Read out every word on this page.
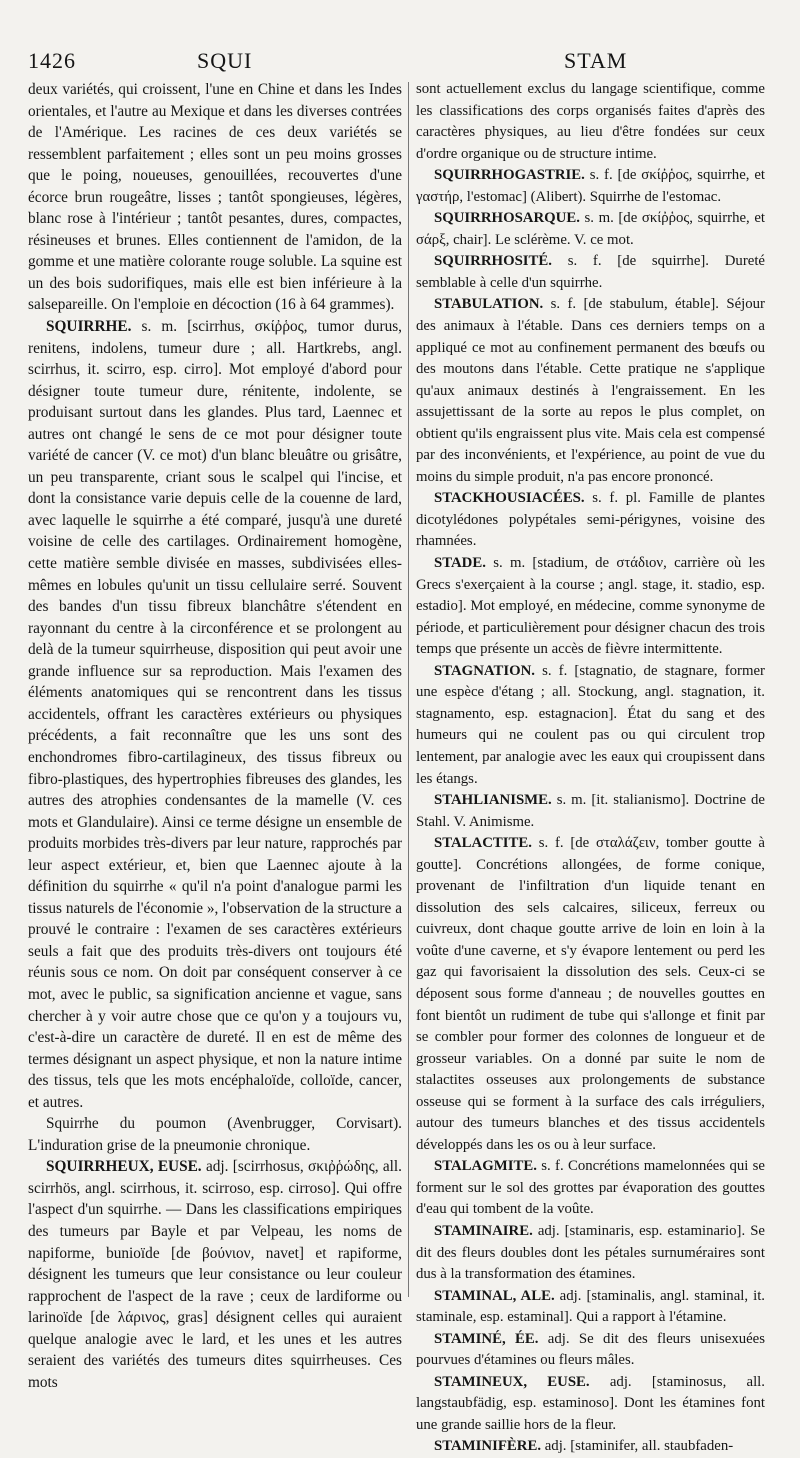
1426	SQUI	STAM

deux variétés, qui croissent, l'une en Chine et dans les Indes orientales, et l'autre au Mexique et dans les diverses contrées de l'Amérique. Les racines de ces deux variétés se ressemblent parfaitement ; elles sont un peu moins grosses que le poing, noueuses, genouillées, recouvertes d'une écorce brun rougeâtre, lisses ; tantôt spongieuses, légères, blanc rose à l'intérieur ; tantôt pesantes, dures, compactes, résineuses et brunes. Elles contiennent de l'amidon, de la gomme et une matière colorante rouge soluble. La squine est un des bois sudorifiques, mais elle est bien inférieure à la salsepareille. On l'emploie en décoction (16 à 64 grammes).

SQUIRRHE. s. m. [scirrhus, σκίῤῥος, tumor durus, renitens, indolens, tumeur dure ; all. Hartkrebs, angl. scirrhus, it. scirro, esp. cirro]. Mot employé d'abord pour désigner toute tumeur dure, rénitente, indolente, se produisant surtout dans les glandes. Plus tard, Laennec et autres ont changé le sens de ce mot pour désigner toute variété de cancer (V. ce mot) d'un blanc bleuâtre ou grisâtre, un peu transparente, criant sous le scalpel qui l'incise, et dont la consistance varie depuis celle de la couenne de lard, avec laquelle le squirrhe a été comparé, jusqu'à une dureté voisine de celle des cartilages. Ordinairement homogène, cette matière semble divisée en masses, subdivisées elles-mêmes en lobules qu'unit un tissu cellulaire serré. Souvent des bandes d'un tissu fibreux blanchâtre s'étendent en rayonnant du centre à la circonférence et se prolongent au delà de la tumeur squirrheuse, disposition qui peut avoir une grande influence sur sa reproduction. Mais l'examen des éléments anatomiques qui se rencontrent dans les tissus accidentels, offrant les caractères extérieurs ou physiques précédents, a fait reconnaître que les uns sont des enchondromes fibro-cartilagineux, des tissus fibreux ou fibro-plastiques, des hypertrophies fibreuses des glandes, les autres des atrophies condensantes de la mamelle (V. ces mots et Glandulaire). Ainsi ce terme désigne un ensemble de produits morbides très-divers par leur nature, rapprochés par leur aspect extérieur, et, bien que Laennec ajoute à la définition du squirrhe « qu'il n'a point d'analogue parmi les tissus naturels de l'économie », l'observation de la structure a prouvé le contraire : l'examen de ses caractères extérieurs seuls a fait que des produits très-divers ont toujours été réunis sous ce nom. On doit par conséquent conserver à ce mot, avec le public, sa signification ancienne et vague, sans chercher à y voir autre chose que ce qu'on y a toujours vu, c'est-à-dire un caractère de dureté. Il en est de même des termes désignant un aspect physique, et non la nature intime des tissus, tels que les mots encéphaloïde, colloïde, cancer, et autres.

Squirrhe du poumon (Avenbrugger, Corvisart). L'induration grise de la pneumonie chronique.

SQUIRRHEUX, EUSE. adj. [scirrhosus, σκιῤῥώδης, all. scirrhös, angl. scirrhous, it. scirroso, esp. cirroso]. Qui offre l'aspect d'un squirrhe. — Dans les classifications empiriques des tumeurs par Bayle et par Velpeau, les noms de napiforme, bunioïde [de βούνιον, navet] et rapiforme, désignent les tumeurs que leur consistance ou leur couleur rapprochent de l'aspect de la rave ; ceux de lardiforme ou larinoïde [de λάρινος, gras] désignent celles qui auraient quelque analogie avec le lard, et les unes et les autres seraient des variétés des tumeurs dites squirrheuses. Ces mots

sont actuellement exclus du langage scientifique, comme les classifications des corps organisés faites d'après des caractères physiques, au lieu d'être fondées sur ceux d'ordre organique ou de structure intime.

SQUIRRHOGASTRIE. s. f. [de σκίῤῥος, squirrhe, et γαστήρ, l'estomac] (Alibert). Squirrhe de l'estomac.

SQUIRRHOSARQUE. s. m. [de σκίῤῥος, squirrhe, et σάρξ, chair]. Le sclérème. V. ce mot.

SQUIRRHOSITÉ. s. f. [de squirrhe]. Dureté semblable à celle d'un squirrhe.

STABULATION. s. f. [de stabulum, étable]. Séjour des animaux à l'étable. Dans ces derniers temps on a appliqué ce mot au confinement permanent des bœufs ou des moutons dans l'étable. Cette pratique ne s'applique qu'aux animaux destinés à l'engraissement. En les assujettissant de la sorte au repos le plus complet, on obtient qu'ils engraissent plus vite. Mais cela est compensé par des inconvénients, et l'expérience, au point de vue du moins du simple produit, n'a pas encore prononcé.

STACKHOUSIACÉES. s. f. pl. Famille de plantes dicotylédones polypétales semi-périgynes, voisine des rhamnées.

STADE. s. m. [stadium, de στάδιον, carrière où les Grecs s'exerçaient à la course ; angl. stage, it. stadio, esp. estadio]. Mot employé, en médecine, comme synonyme de période, et particulièrement pour désigner chacun des trois temps que présente un accès de fièvre intermittente.

STAGNATION. s. f. [stagnatio, de stagnare, former une espèce d'étang ; all. Stockung, angl. stagnation, it. stagnamento, esp. estagnacion]. État du sang et des humeurs qui ne coulent pas ou qui circulent trop lentement, par analogie avec les eaux qui croupissent dans les étangs.

STAHLIANISME. s. m. [it. stalianismo]. Doctrine de Stahl. V. Animisme.

STALACTITE. s. f. [de σταλάζειν, tomber goutte à goutte]. Concrétions allongées, de forme conique, provenant de l'infiltration d'un liquide tenant en dissolution des sels calcaires, siliceux, ferreux ou cuivreux, dont chaque goutte arrive de loin en loin à la voûte d'une caverne, et s'y évapore lentement ou perd les gaz qui favorisaient la dissolution des sels. Ceux-ci se déposent sous forme d'anneau ; de nouvelles gouttes en font bientôt un rudiment de tube qui s'allonge et finit par se combler pour former des colonnes de longueur et de grosseur variables. On a donné par suite le nom de stalactites osseuses aux prolongements de substance osseuse qui se forment à la surface des cals irréguliers, autour des tumeurs blanches et des tissus accidentels développés dans les os ou à leur surface.

STALAGMITE. s. f. Concrétions mamelonnées qui se forment sur le sol des grottes par évaporation des gouttes d'eau qui tombent de la voûte.

STAMINAIRE. adj. [staminaris, esp. estaminario]. Se dit des fleurs doubles dont les pétales surnuméraires sont dus à la transformation des étamines.

STAMINAL, ALE. adj. [staminalis, angl. staminal, it. staminale, esp. estaminal]. Qui a rapport à l'étamine.

STAMINÉ, ÉE. adj. Se dit des fleurs unisexuées pourvues d'étamines ou fleurs mâles.

STAMINEUX, EUSE. adj. [staminosus, all. langstaubfädig, esp. estaminoso]. Dont les étamines font une grande saillie hors de la fleur.

STAMINIFÈRE. adj. [staminifer, all. staubfaden-
